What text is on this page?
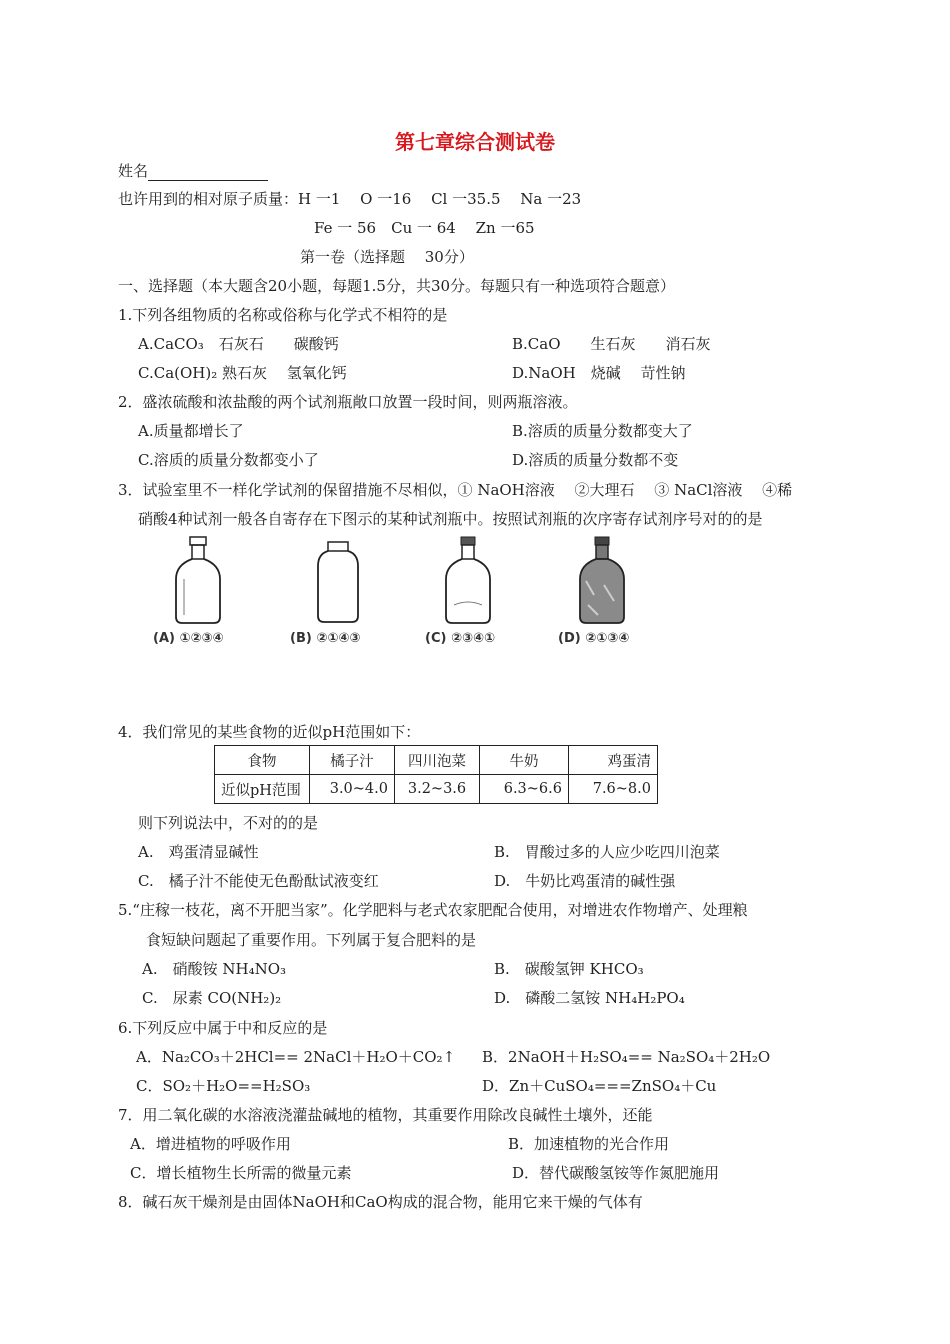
第七章综合测试卷
姓名
也许用到的相对原子质量：H 一1　 O 一16　 Cl 一35.5　 Na 一23
Fe 一 56　Cu 一 64　 Zn 一65
第一卷（选择题　 30分）
一、选择题（本大题含20小题，每题1.5分，共30分。每题只有一种选项符合题意）
1.下列各组物质的名称或俗称与化学式不相符的是
A.CaCO₃　石灰石　　碳酸钙	B.CaO　　生石灰　　消石灰
C.Ca(OH)₂ 熟石灰　 氢氧化钙	D.NaOH　烧碱　 苛性钠
2．盛浓硫酸和浓盐酸的两个试剂瓶敞口放置一段时间，则两瓶溶液。
A.质量都增长了	B.溶质的质量分数都变大了
C.溶质的质量分数都变小了	D.溶质的质量分数都不变
3．试验室里不一样化学试剂的保留措施不尽相似，① NaOH溶液　 ②大理石　 ③ NaCl溶液　 ④稀
硝酸4种试剂一般各自寄存在下图示的某种试剂瓶中。按照试剂瓶的次序寄存试剂序号对的的是
(A) ①②③④	(B) ②①④③	(C) ②③④①	(D) ②①③④
4．我们常见的某些食物的近似pH范围如下：
食物	橘子汁	四川泡菜	牛奶	鸡蛋清
近似pH范围	3.0~4.0	3.2~3.6	6.3~6.6	7.6~8.0
则下列说法中，不对的的是
A.　鸡蛋清显碱性	B.　胃酸过多的人应少吃四川泡菜
C.　橘子汁不能使无色酚酞试液变红	D.　牛奶比鸡蛋清的碱性强
5.“庄稼一枝花，离不开肥当家”。化学肥料与老式农家肥配合使用，对增进农作物增产、处理粮
食短缺问题起了重要作用。下列属于复合肥料的是
A.　硝酸铵 NH₄NO₃	B.　碳酸氢钾 KHCO₃
C.　尿素 CO(NH₂)₂	D.　磷酸二氢铵 NH₄H₂PO₄
6.下列反应中属于中和反应的是
A．Na₂CO₃＋2HCl== 2NaCl＋H₂O＋CO₂↑ B．2NaOH＋H₂SO₄== Na₂SO₄＋2H₂O
C．SO₂＋H₂O==H₂SO₃	D．Zn＋CuSO₄===ZnSO₄＋Cu
7．用二氧化碳的水溶液浇灌盐碱地的植物，其重要作用除改良碱性土壤外，还能
A．增进植物的呼吸作用	B．加速植物的光合作用
C．增长植物生长所需的微量元素	D．替代碳酸氢铵等作氮肥施用
8．碱石灰干燥剂是由固体NaOH和CaO构成的混合物，能用它来干燥的气体有
